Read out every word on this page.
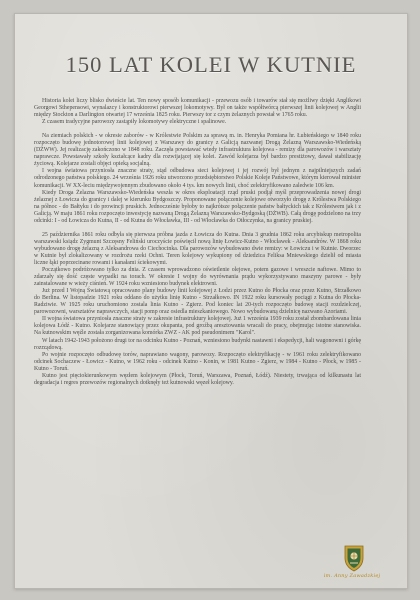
150 LAT KOLEI W KUTNIE

Historia kolei liczy blisko dwieście lat. Ten nowy sposób komunikacji - przewozu osób i towarów stał się możliwy dzięki Anglikowi Georgowi Sthepensowi, wynalazcy i konstruktorowi pierwszej lokomotywy. Był on także współtwórcą pierwszej linii kolejowej w Anglii między Stockton a Darlington otwartej 17 września 1825 roku. Pierwszy tor z czym żelaznych powstał w 1765 roku.

Z czasem tradycyjne parowozy zastąpiły lokomotywy elektryczne i spalinowe.

Na ziemiach polskich - w okresie zaborów - w Królestwie Polskim za sprawą m. in. Henryka Pomiana hr. Łubieńskiego w 1840 roku rozpoczęto budowę jednotorowej linii kolejowej z Warszawy do granicy z Galicją nazwanej Drogą Żelazną Warszawsko-Wiedeńską (DŻWW). Jej realizację zakończono w 1848 roku. Zaczęła powstawać wtedy infrastruktura kolejowa - remizy dla parowozów i warsztaty naprawcze. Powstawały szkoły kształcące kadry dla rozwijającej się kolei. Zawód kolejarza był bardzo prestiżowy, dawał stabilizację życiową. Kolejarze zostali objęci opieką socjalną.

I wojna światowa przyniosła znaczne straty, stąd odbudowa sieci kolejowej i jej rozwój był jednym z najpilniejszych zadań odrodzonego państwa polskiego. 24 września 1926 roku utworzono przedsiębiorstwo Polskie Koleje Państwowe, którym kierował minister komunikacji. W XX-leciu międzywojennym zbudowano około 4 tys. km nowych linii, choć zelektryfikowano zaledwie 106 km.

Kiedy Droga Żelazna Warszawsko-Wiedeńska weszła w okres eksploatacji rząd pruski podjął myśl przeprowadzenia nowej drogi żelaznej z Łowicza do granicy i dalej w kierunku Bydgoszczy. Proponowane połączenie kolejowe otworzyło drogę z Królestwa Polskiego na północ - do Bałtyku i do prowincji pruskich. Jednocześnie byłoby to najkrótsze połączenie państw bałtyckich tak z Królestwem jak i z Galicją. W maju 1861 roku rozpoczęto inwestycję nazwaną Drogą Żelazną Warszawsko-Bydgoską (DŻWB). Całą drogę podzielono na trzy odcinki: I - od Łowicza do Kutna, II - od Kutna do Włocławka, III - od Włocławka do Otłoczynka, na granicy pruskiej.

25 października 1861 roku odbyła się pierwsza próbna jazda z Łowicza do Kutna. Dnia 3 grudnia 1862 roku arcybiskup metropolita warszawski ksiądz Zygmunt Szczęsny Feliński uroczyście poświęcił nową linię Łowicz-Kutno - Włocławek - Aleksandrów. W 1868 roku wybudowano drogę żelazną z Aleksandrowa do Ciechocinka. Dla parowozów wybudowano dwie remizy: w Łowiczu i w Kutnie. Dworzec w Kutnie był zlokalizowany w rozdrożu rzeki Ochni. Teren kolejowy wykupiony od dziedzica Feliksa Mniewskiego dzielił od miasta liczne łąki poprzecinane rowami i kanałami ściekowymi.

Początkowo podróżowano tylko za dnia. Z czasem wprowadzono oświetlenie olejowe, potem gazowe i wreszcie naftowe. Mimo to zdarzały się dość częste wypadki na torach. W okresie I wojny do wyrównania prądu wykorzystywano maszyny parowe - były zainstalowane w wieży ciśnień. W 1924 roku wzniesiono budynek elektrowni.

Już przed I Wojną Światową opracowano plany budowy linii kolejowej z Łodzi przez Kutno do Płocka oraz przez Kutno, Strzałkowo do Berlina. W listopadzie 1921 roku oddano do użytku linię Kutno - Strzałkowo. IN 1922 roku kursowały pociągi z Kutna do Płocka-Radziwie. W 1925 roku uruchomiono zostala linia Kutno - Zgierz. Pod koniec lat 20-tych rozpoczęto budowę stacji rozdzielczej, parowozowni, warsztatów naprawczych, stacji pomp oraz osiedla mieszkaniowego. Nowo wybudowaną dzielnicę nazwano Azoriami.

II wojna światowa przyniosła znaczne straty w zakresie infrastruktury kolejowej. Już 1 września 1939 roku został zbombardowana linia kolejowa Łódź - Kutno. Kolejarze stanowiący przez okupanta, pod groźbą aresztowania wracali do pracy, obejmując istotne stanowiska. Na kutnowskim węźle została zorganizowana komórka ZWZ - AK pod pseudonimem "Karol".

W latach 1942-1943 położono drugi tor na odcinku Kutno - Poznań, wzniesiono budynki nastawni i ekspedycji, hali wagonowni i górkę rozrządową.

Po wojnie rozpoczęto odbudowę torów, naprawiano wagony, parowozy. Rozpoczęto elektryfikację - w 1961 roku zelektryfikowano odcinek Sochaczew - Łowicz - Kutno, w 1962 roku - odcinek Kutno - Konin, w 1981 Kutno - Zgierz, w 1984 - Kutno - Płock, w 1985 - Kutno - Toruń.

Kutno jest pięciokierunkowym węzłem kolejowym (Płock, Toruń, Warszawa, Poznań, Łódź). Niestety, trwająca od kilkunastu lat degradacja i regres przewozów regionalnych dotknęły też kutnowski węzeł kolejowy.

im. Anny Zawadzkiej
